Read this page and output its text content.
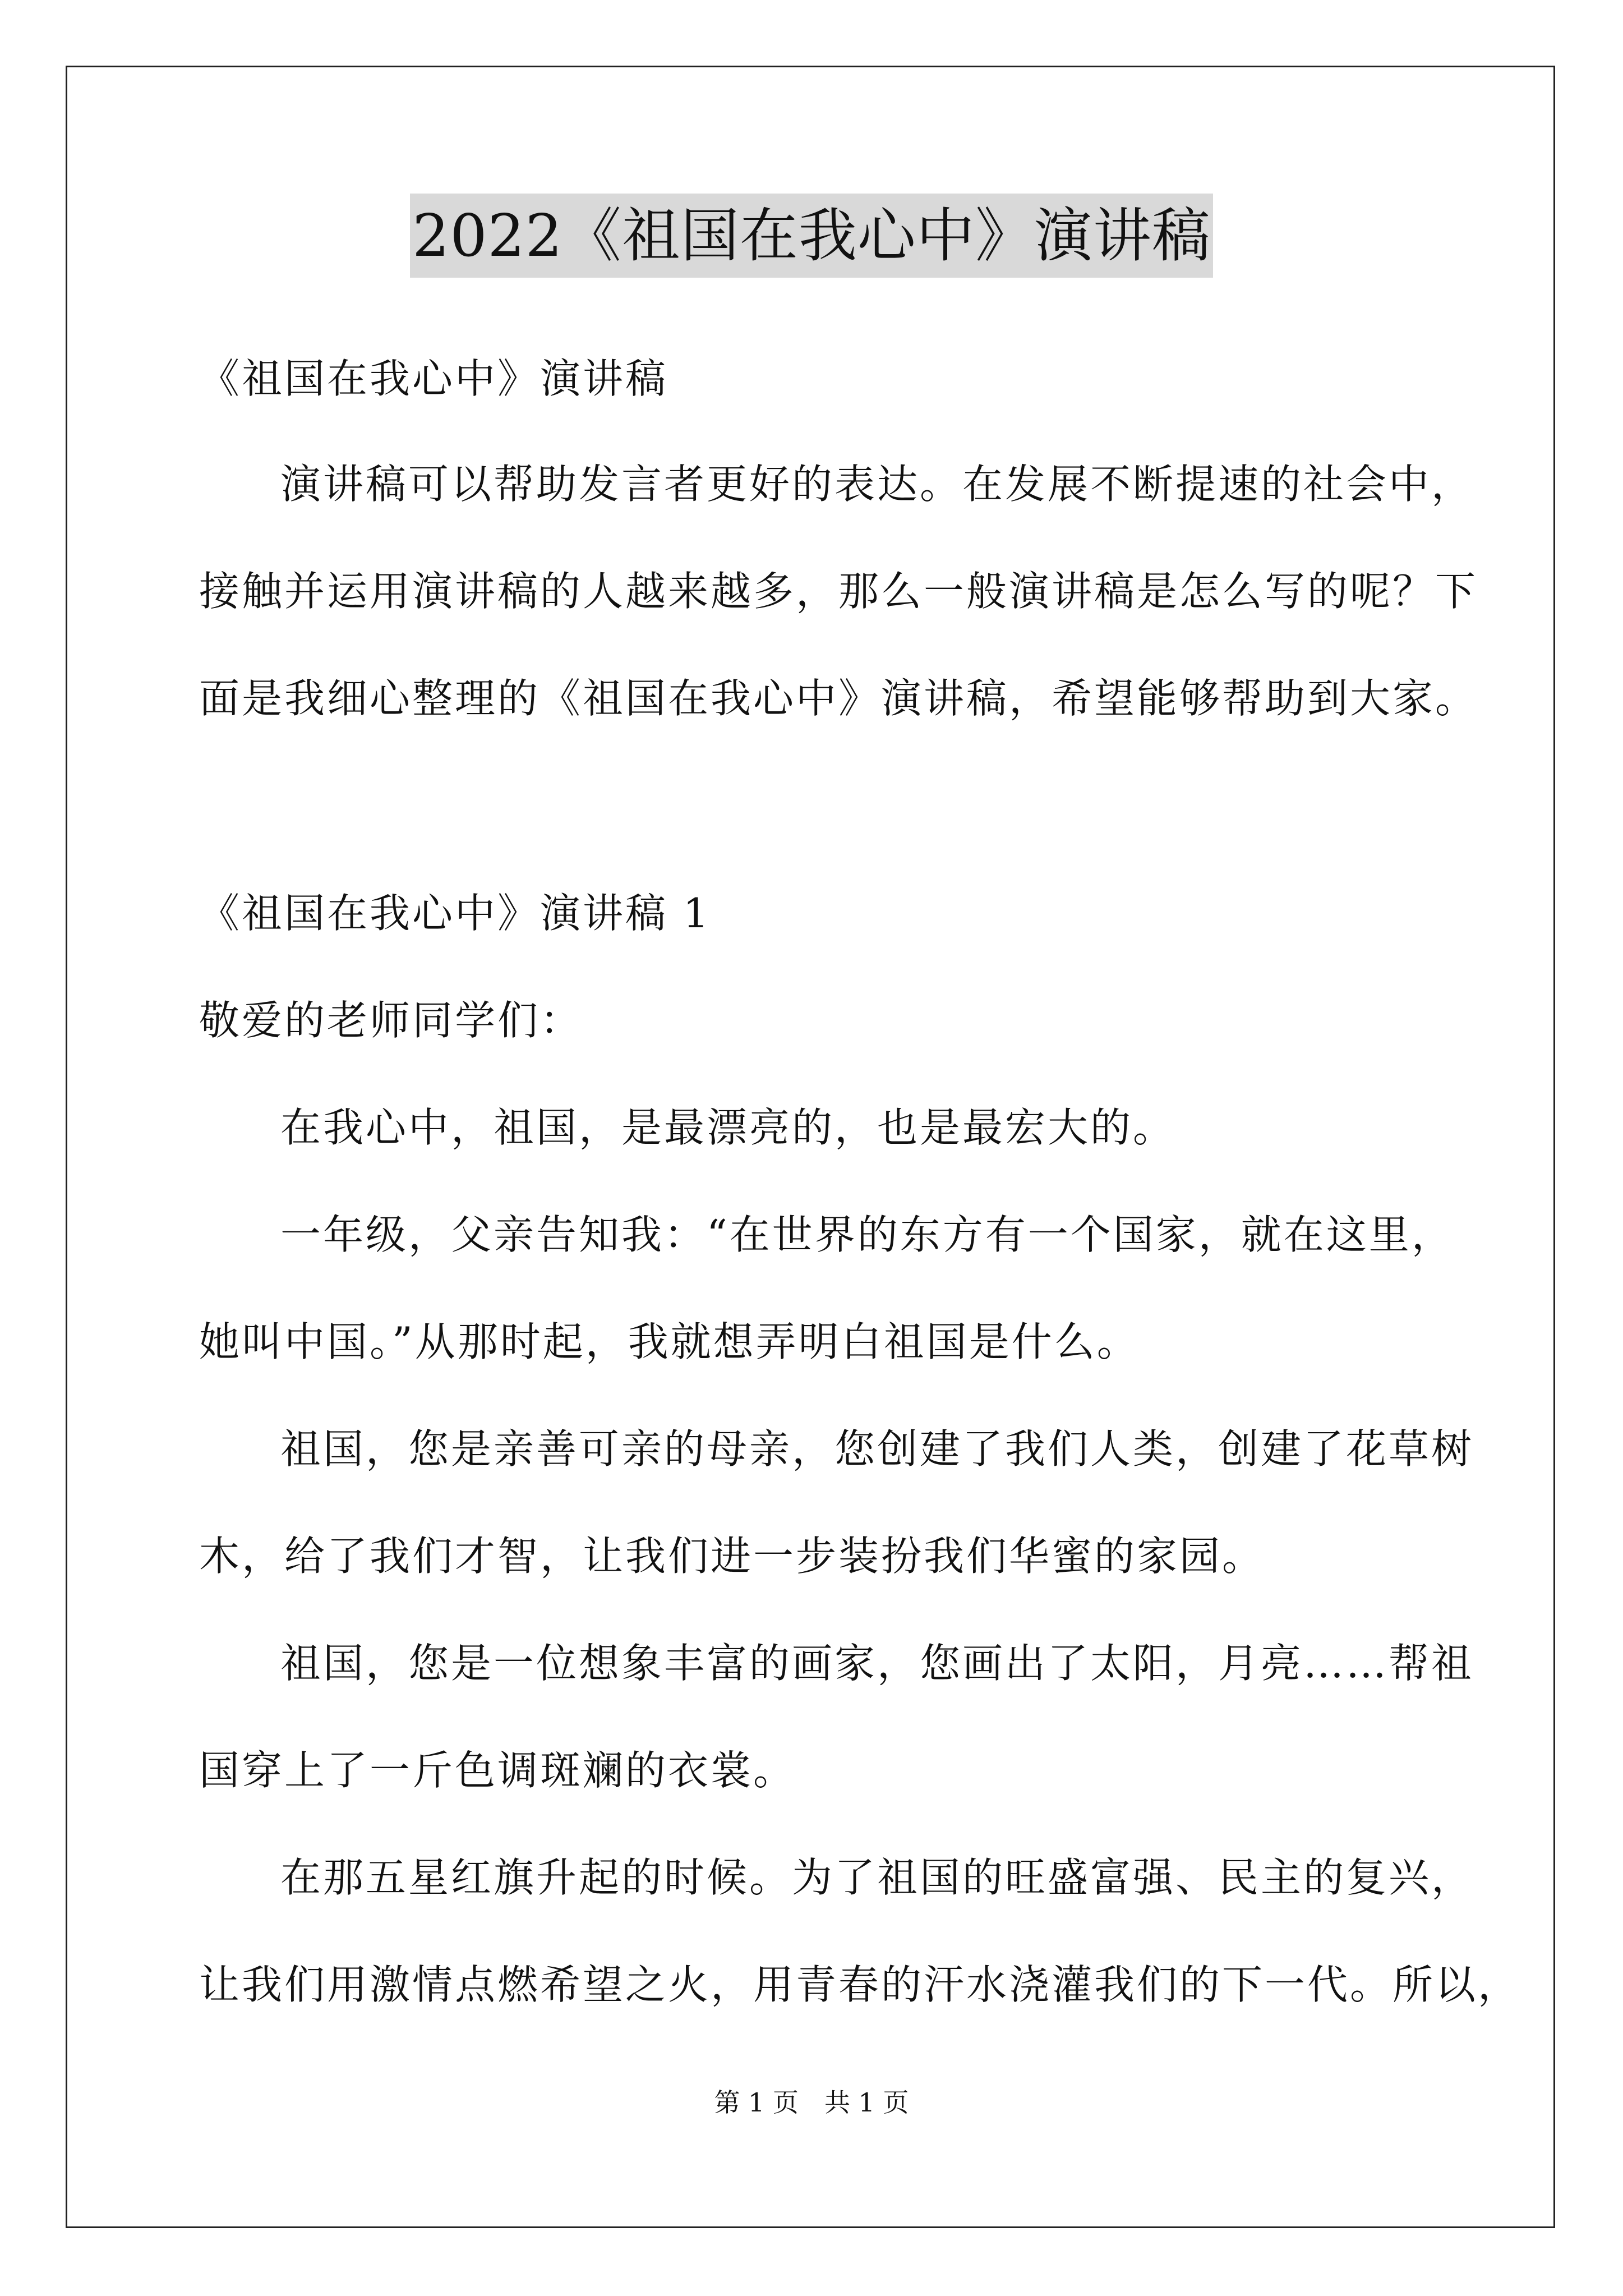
2022《祖国在我心中》演讲稿
《祖国在我心中》演讲稿
演讲稿可以帮助发言者更好的表达。在发展不断提速的社会中，
接触并运用演讲稿的人越来越多，那么一般演讲稿是怎么写的呢？下
面是我细心整理的《祖国在我心中》演讲稿，希望能够帮助到大家。
《祖国在我心中》演讲稿 1
敬爱的老师同学们：
在我心中，祖国，是最漂亮的，也是最宏大的。
一年级，父亲告知我：“在世界的东方有一个国家，就在这里，
她叫中国。”从那时起，我就想弄明白祖国是什么。
祖国，您是亲善可亲的母亲，您创建了我们人类，创建了花草树
木，给了我们才智，让我们进一步装扮我们华蜜的家园。
祖国，您是一位想象丰富的画家，您画出了太阳，月亮……帮祖
国穿上了一斤色调斑斓的衣裳。
在那五星红旗升起的时候。为了祖国的旺盛富强、民主的复兴，
让我们用激情点燃希望之火，用青春的汗水浇灌我们的下一代。所以，
第 1 页　共 1 页
